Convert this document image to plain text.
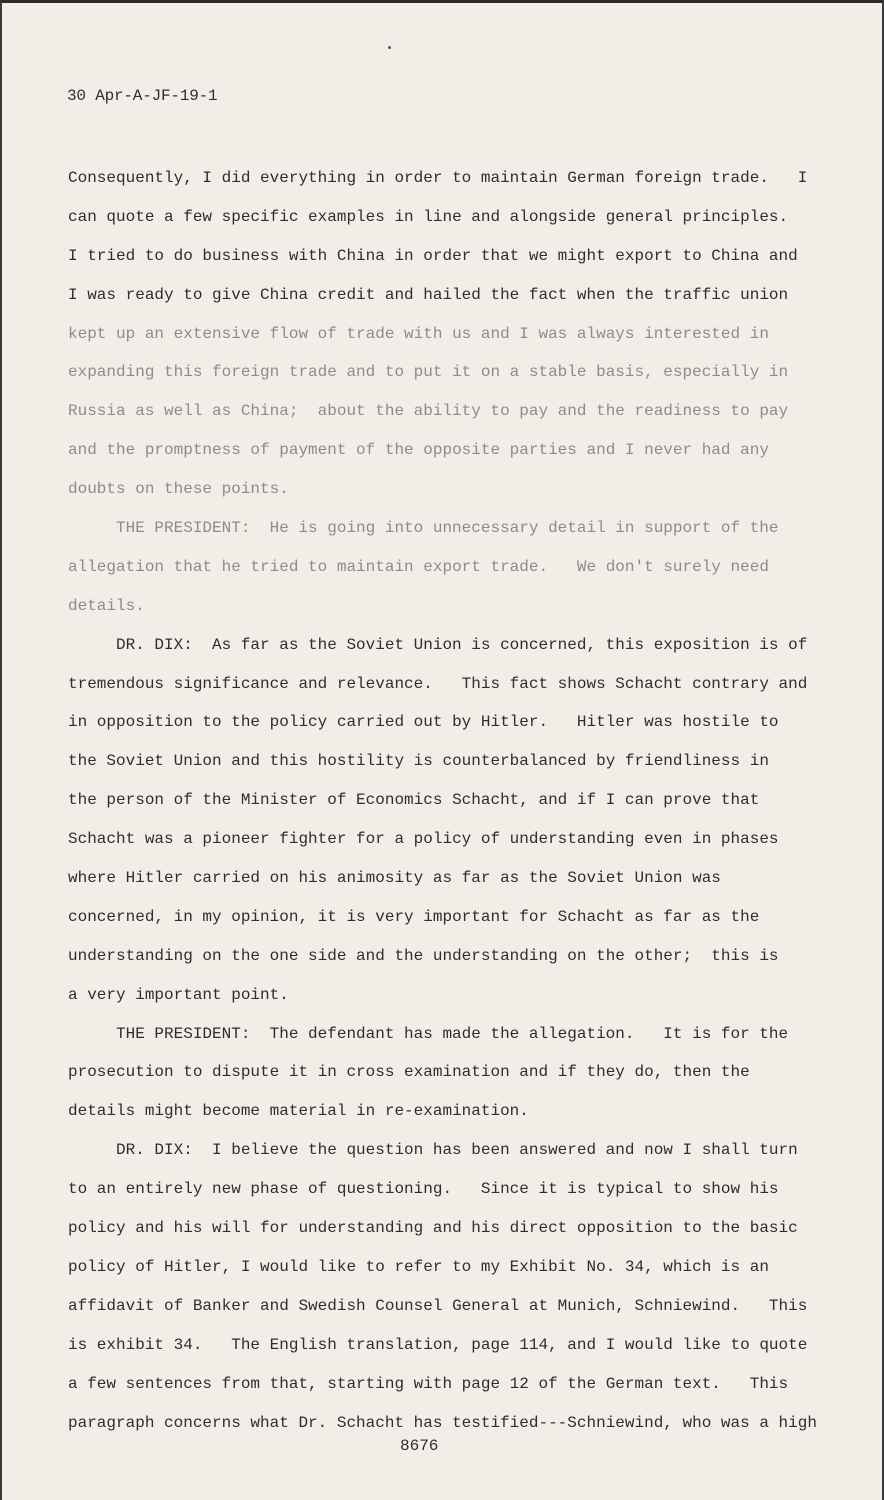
30 Apr-A-JF-19-1
Consequently, I did everything in order to maintain German foreign trade.   I
can quote a few specific examples in line and alongside general principles.
I tried to do business with China in order that we might export to China and
I was ready to give China credit and hailed the fact when the traffic union
kept up an extensive flow of trade with us and I was always interested in
expanding this foreign trade and to put it on a stable basis, especially in
Russia as well as China;  about the ability to pay and the readiness to pay
and the promptness of payment of the opposite parties and I never had any
doubts on these points.
THE PRESIDENT:  He is going into unnecessary detail in support of the
allegation that he tried to maintain export trade.   We don't surely need
details.
DR. DIX:  As far as the Soviet Union is concerned, this exposition is of
tremendous significance and relevance.   This fact shows Schacht contrary and
in opposition to the policy carried out by Hitler.   Hitler was hostile to
the Soviet Union and this hostility is counterbalanced by friendliness in
the person of the Minister of Economics Schacht, and if I can prove that
Schacht was a pioneer fighter for a policy of understanding even in phases
where Hitler carried on his animosity as far as the Soviet Union was
concerned, in my opinion, it is very important for Schacht as far as the
understanding on the one side and the understanding on the other;  this is
a very important point.
THE PRESIDENT:  The defendant has made the allegation.   It is for the
prosecution to dispute it in cross examination and if they do, then the
details might become material in re-examination.
DR. DIX:  I believe the question has been answered and now I shall turn
to an entirely new phase of questioning.   Since it is typical to show his
policy and his will for understanding and his direct opposition to the basic
policy of Hitler, I would like to refer to my Exhibit No. 34, which is an
affidavit of Banker and Swedish Counsel General at Munich, Schniewind.   This
is exhibit 34.   The English translation, page 114, and I would like to quote
a few sentences from that, starting with page 12 of the German text.   This
paragraph concerns what Dr. Schacht has testified---Schniewind, who was a high
8676
